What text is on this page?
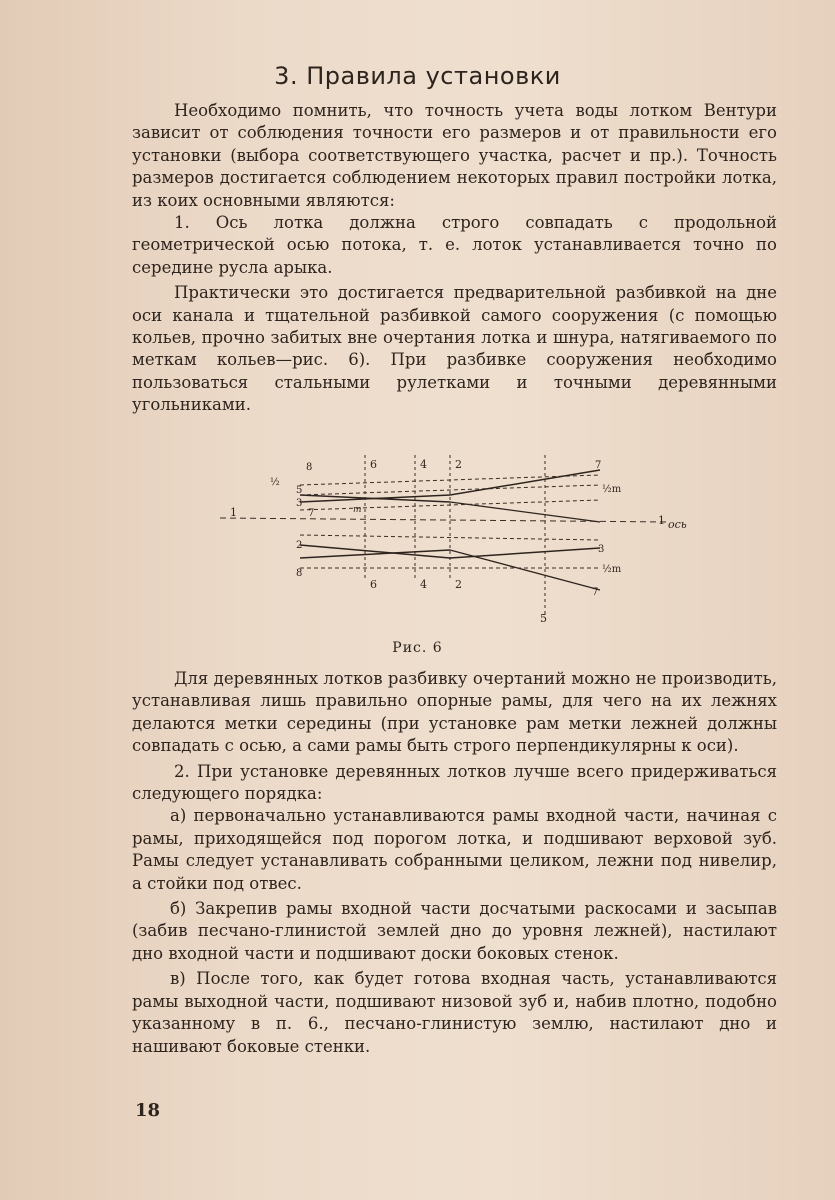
3. Правила установки

Необходимо помнить, что точность учета воды лотком Вентури зависит от соблюдения точности его размеров и от правильности его установки (выбора соответствующего участка, расчет и пр.). Точность размеров достигается соблюдением некоторых правил постройки лотка, из коих основными являются:

1. Ось лотка должна строго совпадать с продольной геометрической осью потока, т. е. лоток устанавливается точно по середине русла арыка.

Практически это достигается предварительной разбивкой на дне оси канала и тщательной разбивкой самого сооружения (с помощью кольев, прочно забитых вне очертания лотка и шнура, натягиваемого по меткам кольев—рис. 6). При разбивке сооружения необходимо пользоваться стальными рулетками и точными деревянными угольниками.

6	4	2
6	4	2
5
8
½
5
3
7
2
8
7
½m
3
½m
7
1
1 ось
m
Рис. 6

Для деревянных лотков разбивку очертаний можно не производить, устанавливая лишь правильно опорные рамы, для чего на их лежнях делаются метки середины (при установке рам метки лежней должны совпадать с осью, а сами рамы быть строго перпендикулярны к оси).

2. При установке деревянных лотков лучше всего придерживаться следующего порядка:

а) первоначально устанавливаются рамы входной части, начиная с рамы, приходящейся под порогом лотка, и подшивают верховой зуб. Рамы следует устанавливать собранными целиком, лежни под нивелир, а стойки под отвес.

б) Закрепив рамы входной части досчатыми раскосами и засыпав (забив песчано-глинистой землей дно до уровня лежней), настилают дно входной части и подшивают доски боковых стенок.

в) После того, как будет готова входная часть, устанавливаются рамы выходной части, подшивают низовой зуб и, набив плотно, подобно указанному в п. 6., песчано-глинистую землю, настилают дно и нашивают боковые стенки.

18
